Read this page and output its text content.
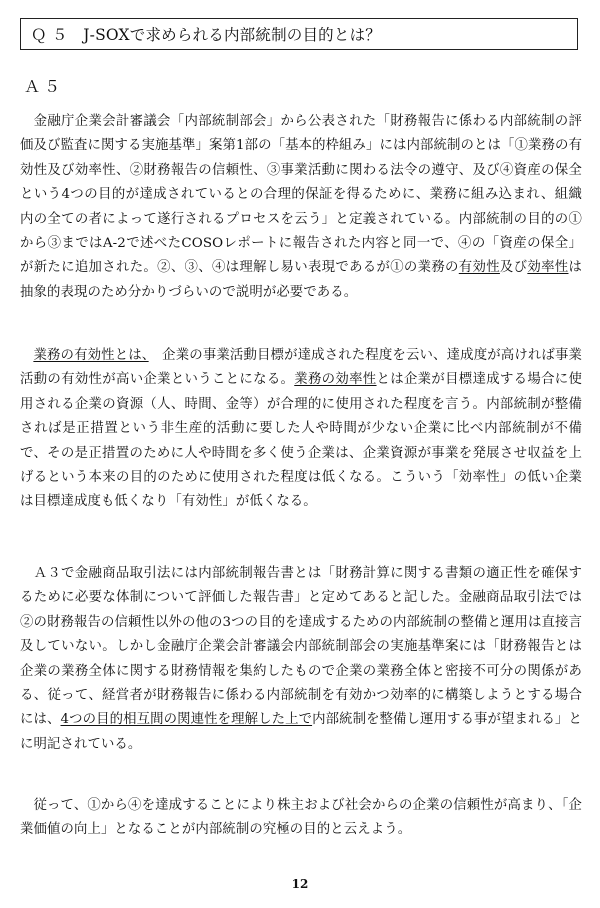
Ｑ ５　J-SOXで求められる内部統制の目的とは？
Ａ５

金融庁企業会計審議会「内部統制部会」から公表された「財務報告に係わる内部統制の評価及び監査に関する実施基準」案第1部の「基本的枠組み」には内部統制のとは「①業務の有効性及び効率性、②財務報告の信頼性、③事業活動に関わる法令の遵守、及び④資産の保全という4つの目的が達成されているとの合理的保証を得るために、業務に組み込まれ、組織内の全ての者によって遂行されるプロセスを云う」と定義されている。内部統制の目的の①から③まではA-2で述べたCOSOレポートに報告された内容と同一で、④の「資産の保全」が新たに追加された。②、③、④は理解し易い表現であるが①の業務の有効性及び効率性は抽象的表現のため分かりづらいので説明が必要である。

業務の有効性とは、　企業の事業活動目標が達成された程度を云い、達成度が高ければ事業活動の有効性が高い企業ということになる。業務の効率性とは企業が目標達成する場合に使用される企業の資源（人、時間、金等）が合理的に使用された程度を言う。内部統制が整備されば是正措置という非生産的活動に要した人や時間が少ない企業に比べ内部統制が不備で、その是正措置のために人や時間を多く使う企業は、企業資源が事業を発展させ収益を上げるという本来の目的のために使用された程度は低くなる。こういう「効率性」の低い企業は目標達成度も低くなり「有効性」が低くなる。

Ａ３で金融商品取引法には内部統制報告書とは「財務計算に関する書類の適正性を確保するために必要な体制について評価した報告書」と定めてあると記した。金融商品取引法では②の財務報告の信頼性以外の他の3つの目的を達成するための内部統制の整備と運用は直接言及していない。しかし金融庁企業会計審議会内部統制部会の実施基準案には「財務報告とは企業の業務全体に関する財務情報を集約したもので企業の業務全体と密接不可分の関係がある、従って、経営者が財務報告に係わる内部統制を有効かつ効率的に構築しようとする場合には、4つの目的相互間の関連性を理解した上で内部統制を整備し運用する事が望まれる」とに明記されている。

従って、①から④を達成することにより株主および社会からの企業の信頼性が高まり、「企業価値の向上」となることが内部統制の究極の目的と云えよう。

12
